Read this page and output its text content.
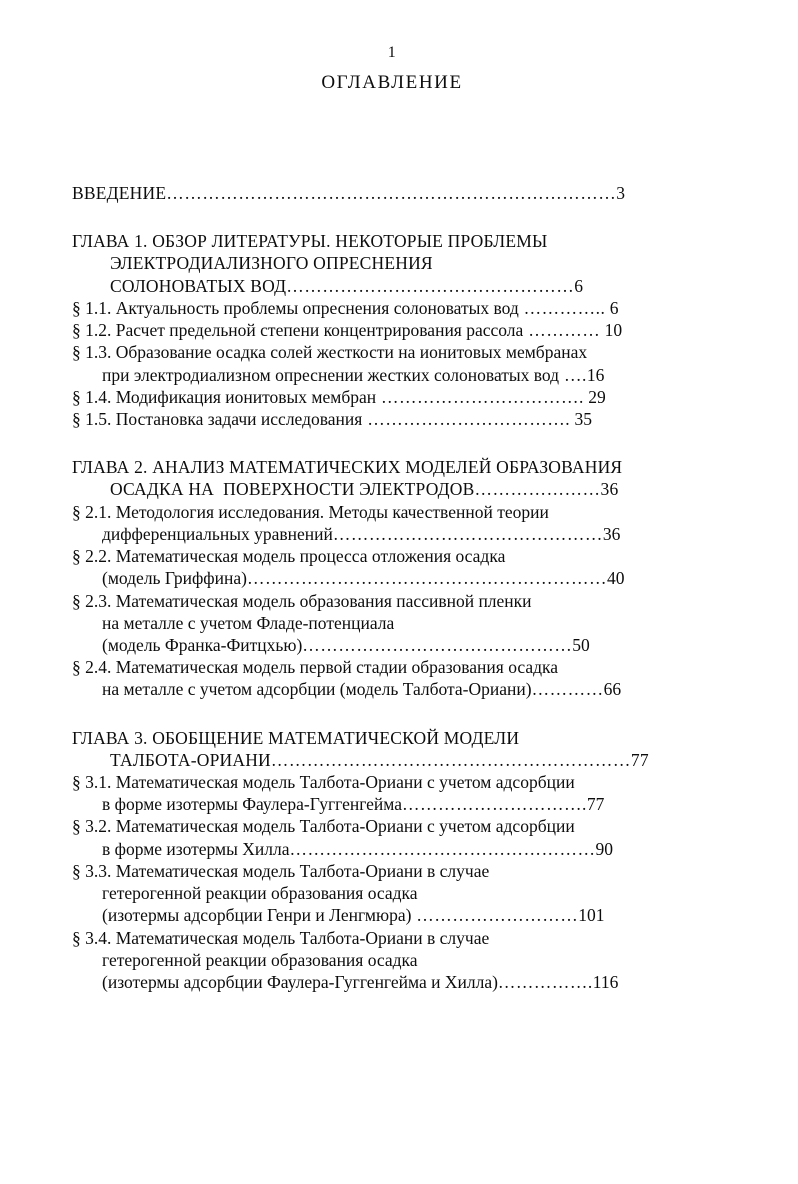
1
ОГЛАВЛЕНИЕ
ВВЕДЕНИЕ…………………………………………………………………3
ГЛАВА 1. ОБЗОР ЛИТЕРАТУРЫ. НЕКОТОРЫЕ ПРОБЛЕМЫ
ЭЛЕКТРОДИАЛИЗНОГО ОПРЕСНЕНИЯ
СОЛОНОВАТЫХ ВОД…………………………………………6
§ 1.1. Актуальность проблемы опреснения солоноватых вод ………….. 6
§ 1.2. Расчет предельной степени концентрирования рассола ………… 10
§ 1.3. Образование осадка солей жесткости на ионитовых мембранах
при электродиализном опреснении жестких солоноватых вод ….16
§ 1.4. Модификация ионитовых мембран ……………………………. 29
§ 1.5. Постановка задачи исследования ……………………………. 35
ГЛАВА 2. АНАЛИЗ МАТЕМАТИЧЕСКИХ МОДЕЛЕЙ ОБРАЗОВАНИЯ
ОСАДКА НА  ПОВЕРХНОСТИ ЭЛЕКТРОДОВ…………………36
§ 2.1. Методология исследования. Методы качественной теории
дифференциальных уравнений………………………………………36
§ 2.2. Математическая модель процесса отложения осадка
(модель Гриффина)……………………………………………………40
§ 2.3. Математическая модель образования пассивной пленки
на металле с учетом Фладе-потенциала
(модель Франка-Фитцхью)………………………………………50
§ 2.4. Математическая модель первой стадии образования осадка
на металле с учетом адсорбции (модель Талбота-Ориани)…………66
ГЛАВА 3. ОБОБЩЕНИЕ МАТЕМАТИЧЕСКОЙ МОДЕЛИ
ТАЛБОТА-ОРИАНИ……………………………………………………77
§ 3.1. Математическая модель Талбота-Ориани с учетом адсорбции
в форме изотермы Фаулера-Гуггенгейма………………………….77
§ 3.2. Математическая модель Талбота-Ориани с учетом адсорбции
в форме изотермы Хилла……………………………………………90
§ 3.3. Математическая модель Талбота-Ориани в случае
гетерогенной реакции образования осадка
(изотермы адсорбции Генри и Ленгмюра) ………………………101
§ 3.4. Математическая модель Талбота-Ориани в случае
гетерогенной реакции образования осадка
(изотермы адсорбции Фаулера-Гуггенгейма и Хилла)…………….116
